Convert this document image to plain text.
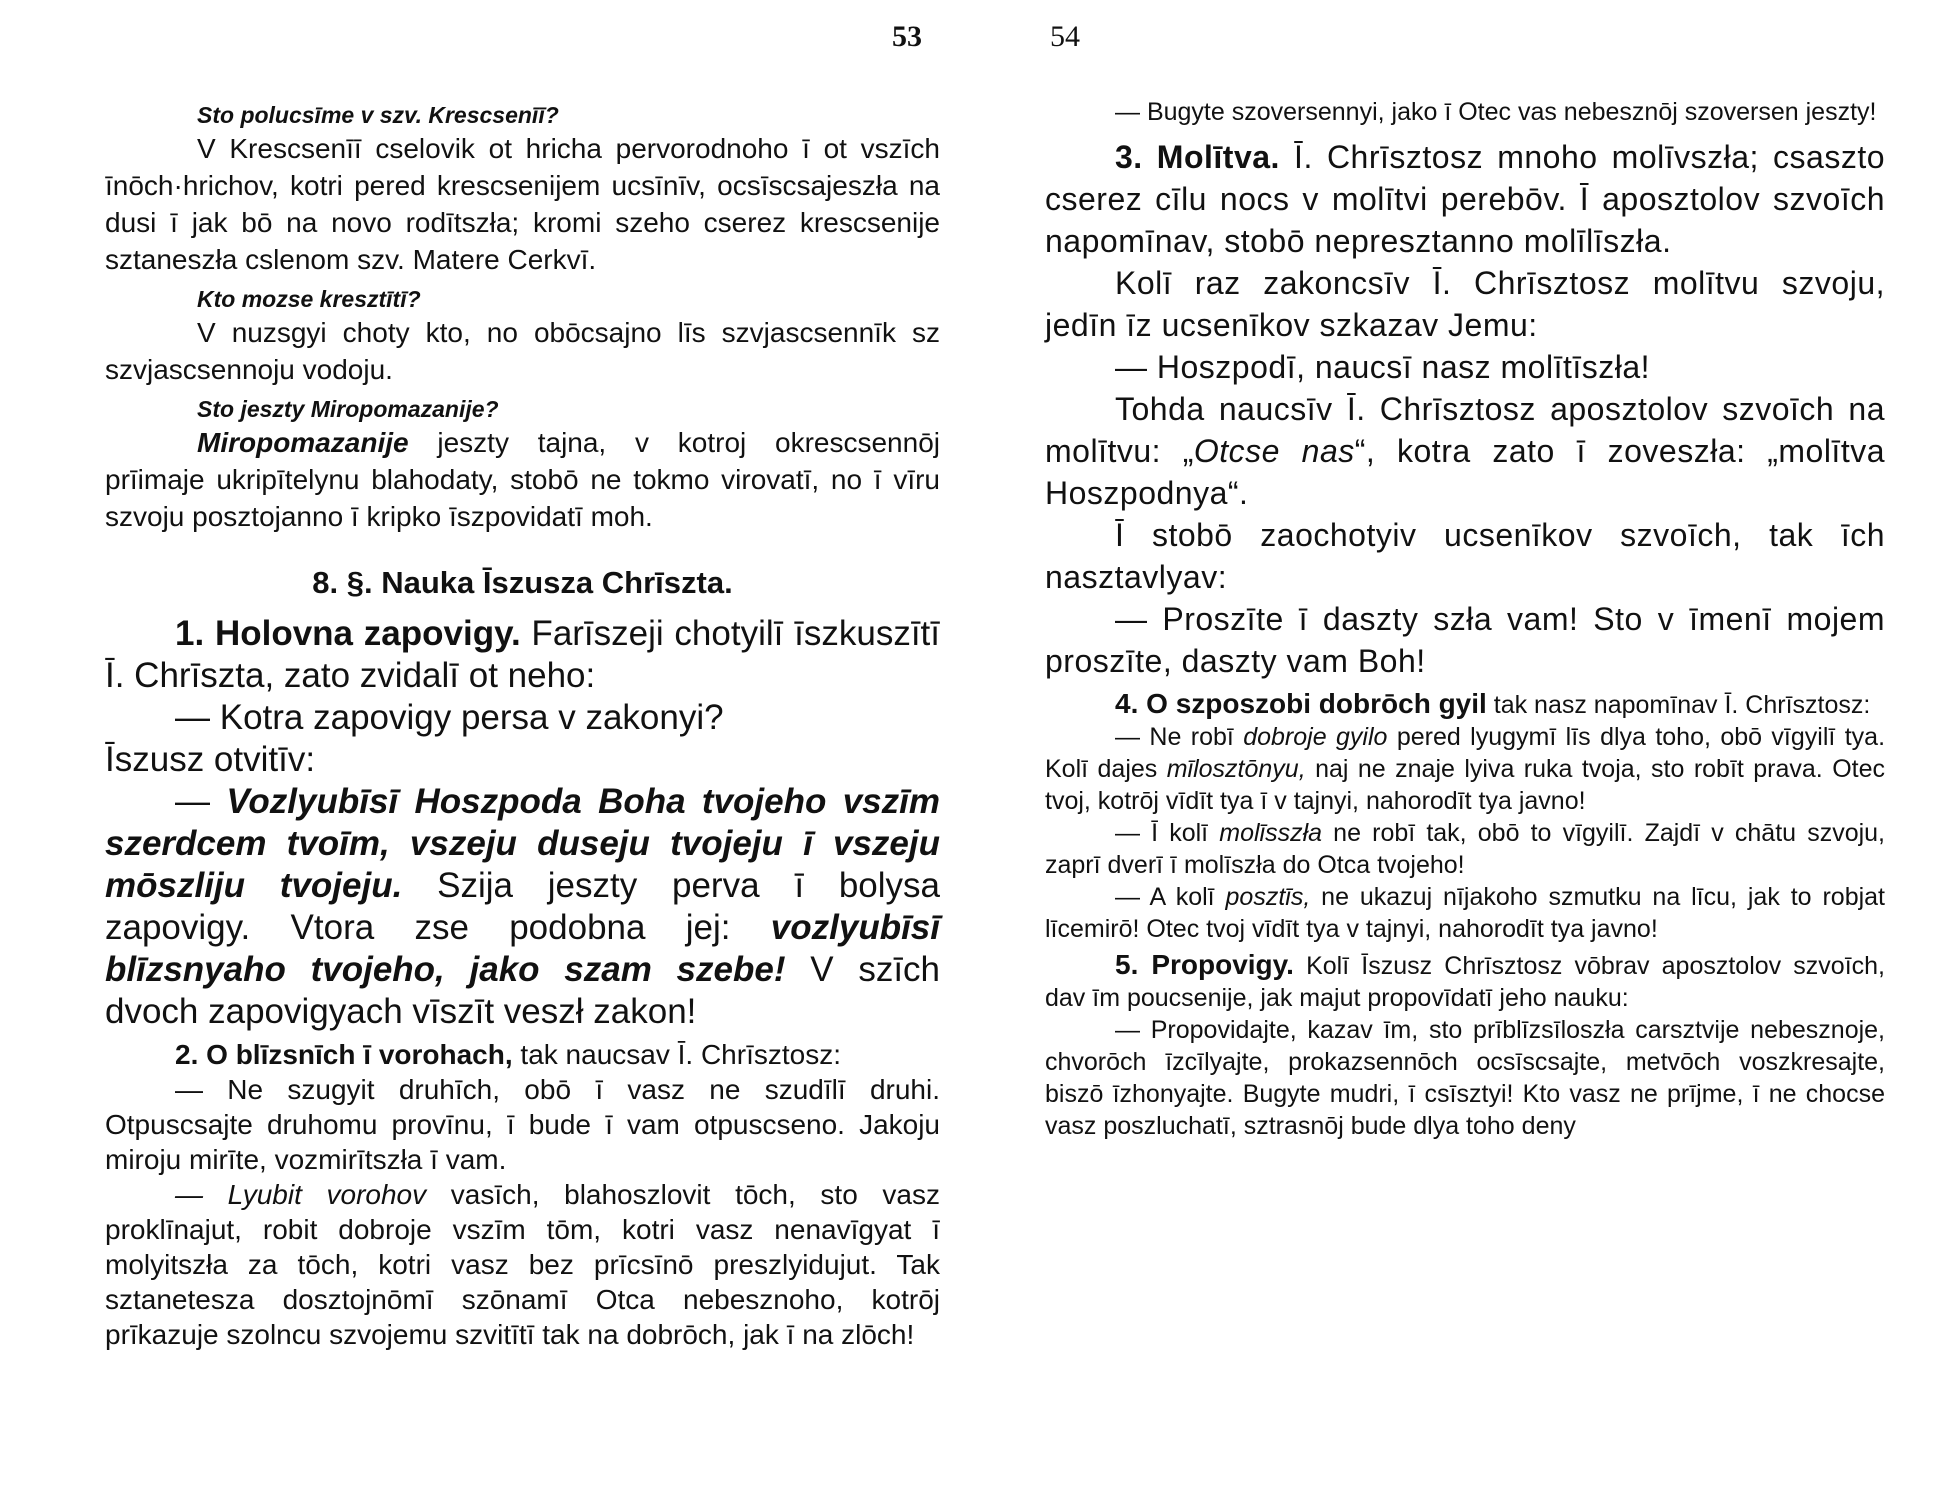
53

Sto polucsīme v szv. Krescsenīī?

V Krescsenīī cselovik ot hricha pervorodnoho ī ot vszīch īnōch·hrichov, kotri pered krescsenijem ucsīnīv, ocsīscsajeszła na dusi ī jak bō na novo rodītszła; kromi szeho cserez krescsenije sztaneszła cslenom szv. Matere Cerkvī.

Kto mozse kresztītī?

V nuzsgyi choty kto, no obōcsajno līs szvjascsennīk sz szvjascsennoju vodoju.

Sto jeszty Miropomazanije?

Miropomazanije jeszty tajna, v kotroj okrescsennōj prīimaje ukripītelynu blahodaty, stobō ne tokmo virovatī, no ī vīru szvoju posztojanno ī kripko īszpovidatī moh.

8. §. Nauka Īszusza Chrīszta.

1. Holovna zapovigy. Farīszeji chotyilī īszkuszītī Ī. Chrīszta, zato zvidalī ot neho:

— Kotra zapovigy persa v zakonyi?

Īszusz otvitīv:

— Vozlyubīsī Hoszpoda Boha tvojeho vszīm szerdcem tvoīm, vszeju duseju tvojeju ī vszeju mōszliju tvojeju. Szija jeszty perva ī bolysa zapovigy. Vtora zse podobna jej: vozlyubīsī blīzsnyaho tvojeho, jako szam szebe! V szīch dvoch zapovigyach vīszīt veszł zakon!

2. O blīzsnīch ī vorohach, tak naucsav Ī. Chrīsztosz:

— Ne szugyit druhīch, obō ī vasz ne szudīlī druhi. Otpuscsajte druhomu provīnu, ī bude ī vam otpuscseno. Jakoju miroju mirīte, vozmirītszła ī vam.

— Lyubit vorohov vasīch, blahoszlovit tōch, sto vasz proklīnajut, robit dobroje vszīm tōm, kotri vasz nenavīgyat ī molyitszła za tōch, kotri vasz bez prīcsīnō preszlyidujut. Tak sztanetesza dosztojnōmī szōnamī Otca nebesznoho, kotrōj prīkazuje szolncu szvojemu szvitītī tak na dobrōch, jak ī na zlōch!

54

— Bugyte szoversennyi, jako ī Otec vas nebesznōj szoversen jeszty!

3. Molītva. Ī. Chrīsztosz mnoho molīvszła; csaszto cserez cīlu nocs v molītvi perebōv. Ī aposztolov szvoīch napomīnav, stobō nepresztanno molīlīszła.

Kolī raz zakoncsīv Ī. Chrīsztosz molītvu szvoju, jedīn īz ucsenīkov szkazav Jemu:

— Hoszpodī, naucsī nasz molītīszła!

Tohda naucsīv Ī. Chrīsztosz aposztolov szvoīch na molītvu: „Otcse nas“, kotra zato ī zoveszła: „molītva Hoszpodnya“.

Ī stobō zaochotyiv ucsenīkov szvoīch, tak īch nasztavlyav:

— Proszīte ī daszty szła vam! Sto v īmenī mojem proszīte, daszty vam Boh!

4. O szposzobi dobrōch gyil tak nasz napomīnav Ī. Chrīsztosz:

— Ne robī dobroje gyilo pered lyugymī līs dlya toho, obō vīgyilī tya. Kolī dajes mīlosztōnyu, naj ne znaje lyiva ruka tvoja, sto robīt prava. Otec tvoj, kotrōj vīdīt tya ī v tajnyi, nahorodīt tya javno!

— Ī kolī molīsszła ne robī tak, obō to vīgyilī. Zajdī v chātu szvoju, zaprī dverī ī molīszła do Otca tvojeho!

— A kolī posztīs, ne ukazuj nījakoho szmutku na līcu, jak to robjat līcemirō! Otec tvoj vīdīt tya v tajnyi, nahorodīt tya javno!

5. Propovigy. Kolī Īszusz Chrīsztosz vōbrav aposztolov szvoīch, dav īm poucsenije, jak majut propovīdatī jeho nauku:

— Propovidajte, kazav īm, sto prīblīzsīloszła carsztvije nebesznoje, chvorōch īzcīlyajte, prokazsennōch ocsīscsajte, metvōch voszkresajte, biszō īzhonyajte. Bugyte mudri, ī csīsztyi! Kto vasz ne prījme, ī ne chocse vasz poszluchatī, sztrasnōj bude dlya toho deny
